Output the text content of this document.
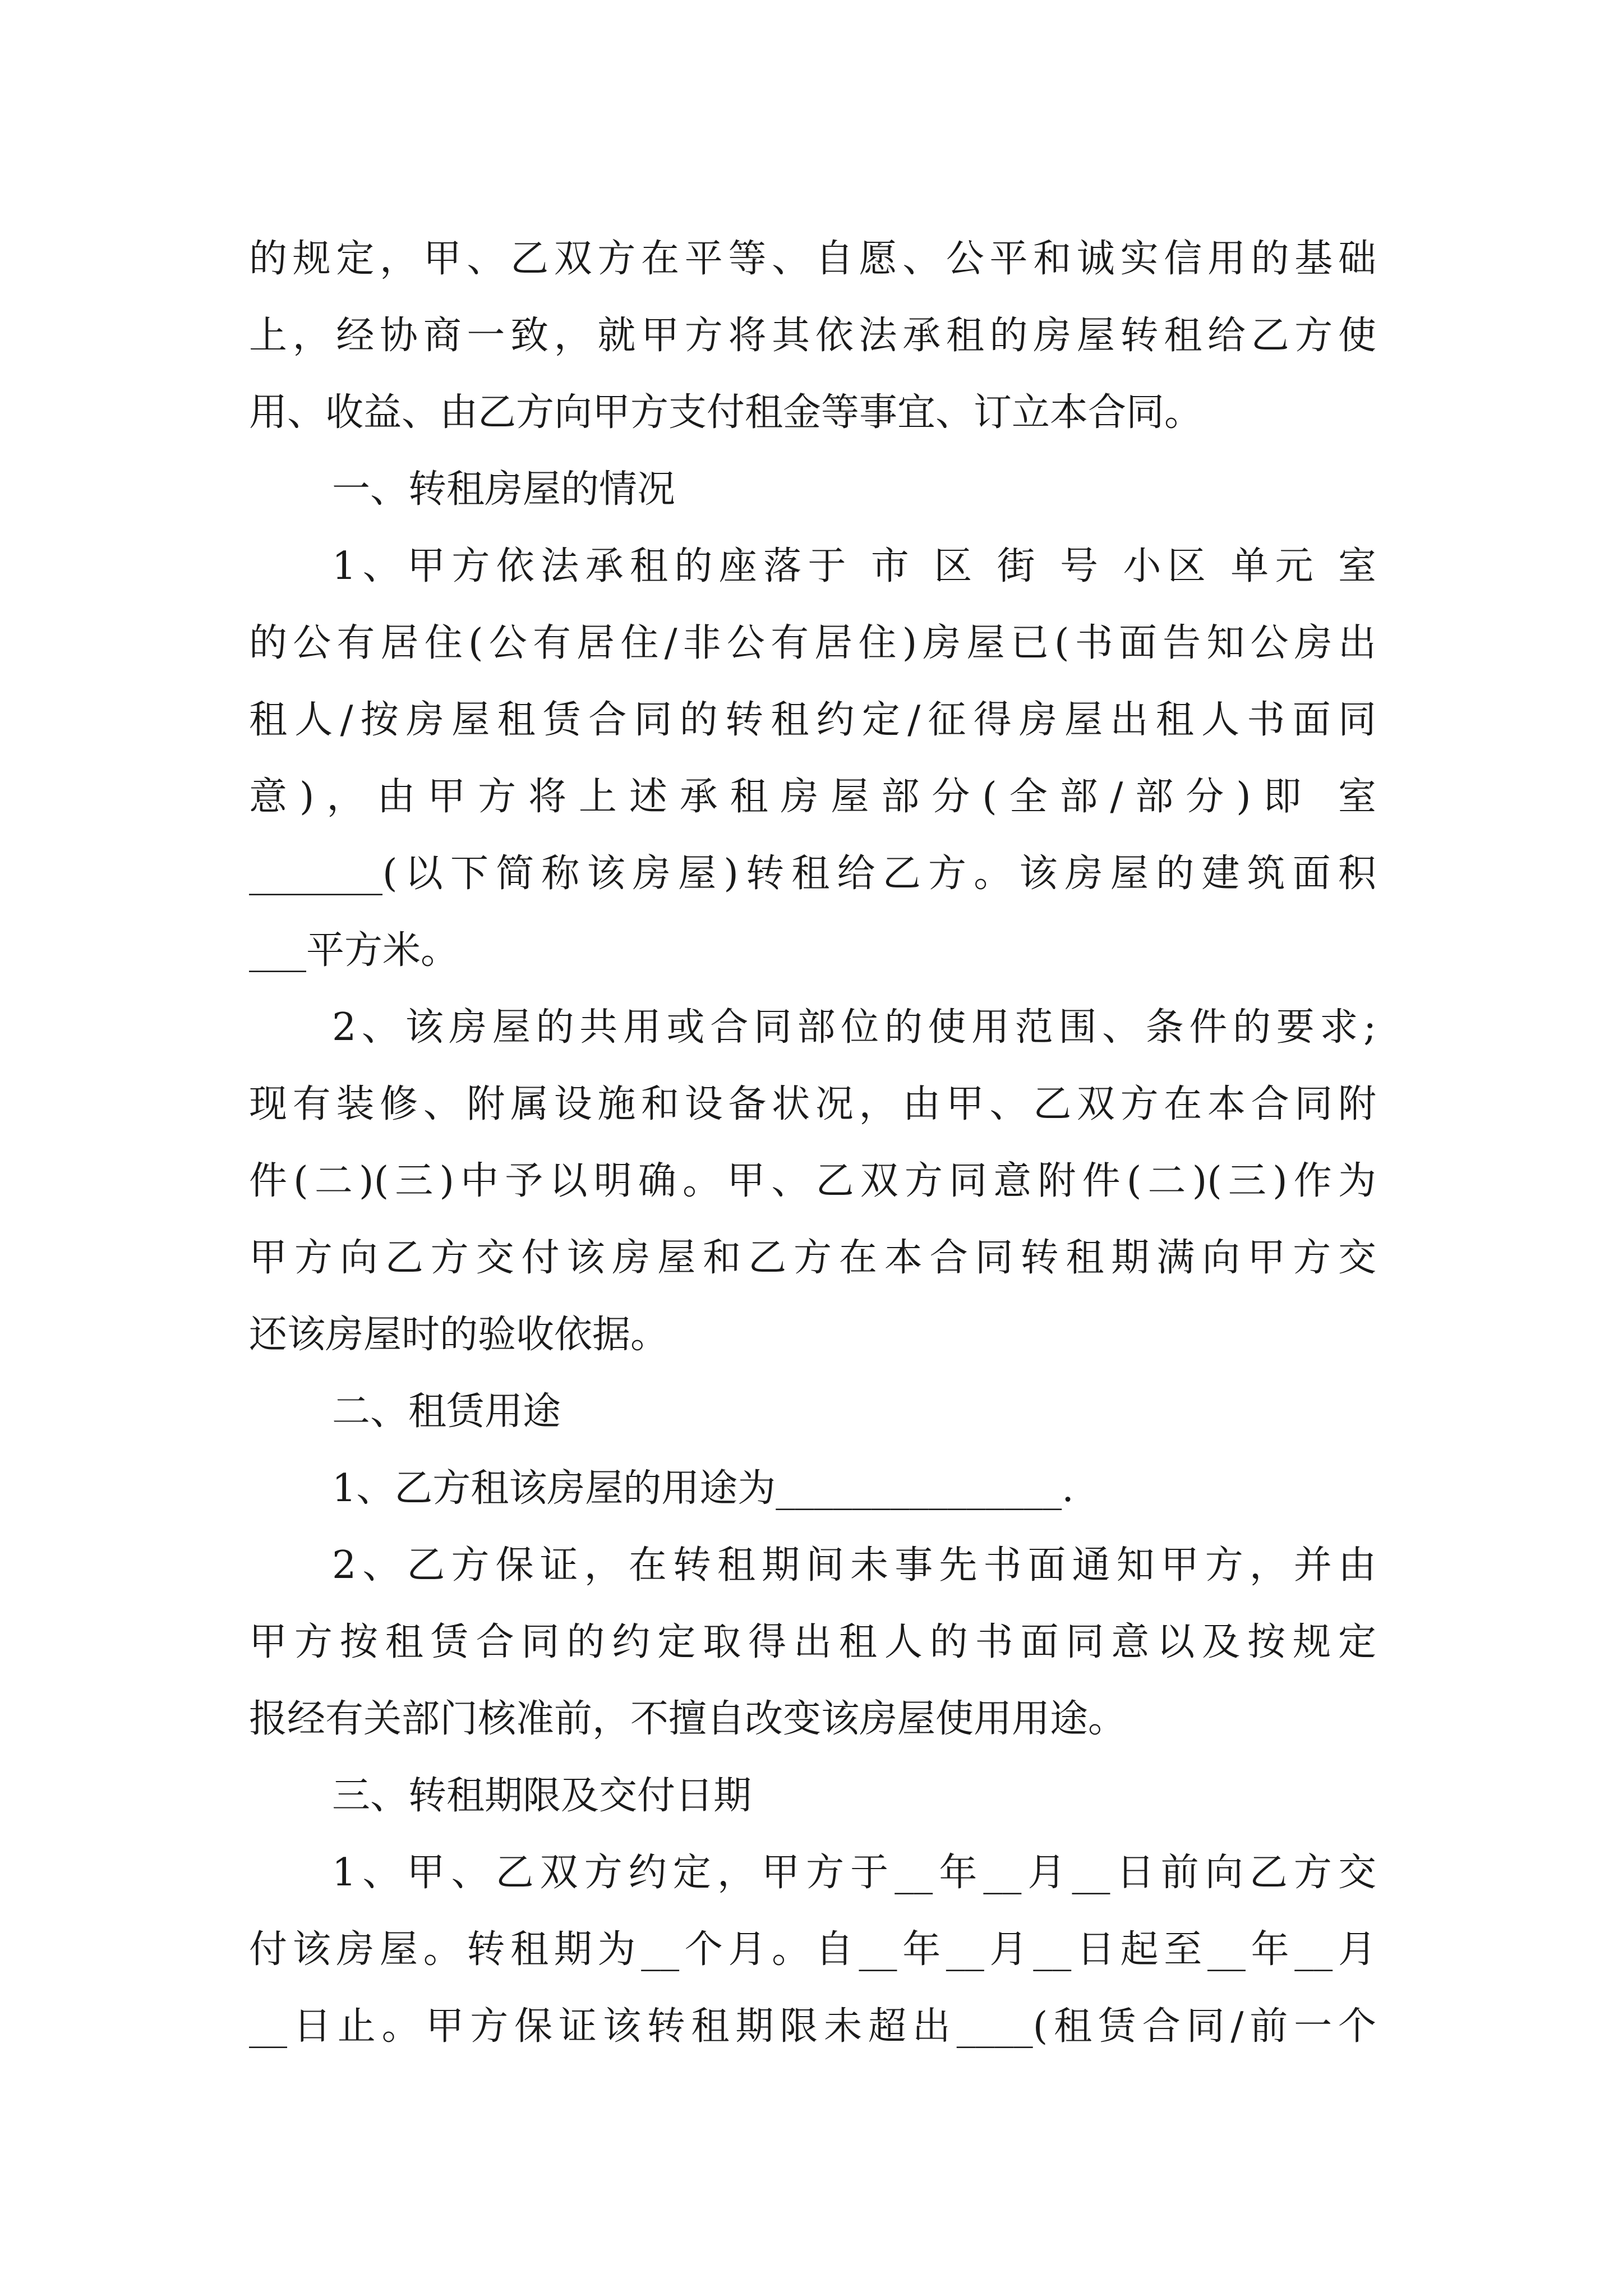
的规定，甲、乙双方在平等、自愿、公平和诚实信用的基础
上，经协商一致，就甲方将其依法承租的房屋转租给乙方使
用、收益、由乙方向甲方支付租金等事宜、订立本合同。
一、转租房屋的情况
1、甲方依法承租的座落于 市 区 街 号 小区 单元 室
的公有居住(公有居住/非公有居住)房屋已(书面告知公房出
租人/按房屋租赁合同的转租约定/征得房屋出租人书面同
意)，由甲方将上述承租房屋部分(全部/部分)即 室
_______(以下简称该房屋)转租给乙方。该房屋的建筑面积
___平方米。
2、该房屋的共用或合同部位的使用范围、条件的要求;
现有装修、附属设施和设备状况，由甲、乙双方在本合同附
件(二)(三)中予以明确。甲、乙双方同意附件(二)(三)作为
甲方向乙方交付该房屋和乙方在本合同转租期满向甲方交
还该房屋时的验收依据。
二、租赁用途
1、乙方租该房屋的用途为_______________.
2、乙方保证，在转租期间未事先书面通知甲方，并由
甲方按租赁合同的约定取得出租人的书面同意以及按规定
报经有关部门核准前，不擅自改变该房屋使用用途。
三、转租期限及交付日期
1、甲、乙双方约定，甲方于__年__月__日前向乙方交
付该房屋。转租期为__个月。自__年__月__日起至__年__月
__日止。甲方保证该转租期限未超出____(租赁合同/前一个
